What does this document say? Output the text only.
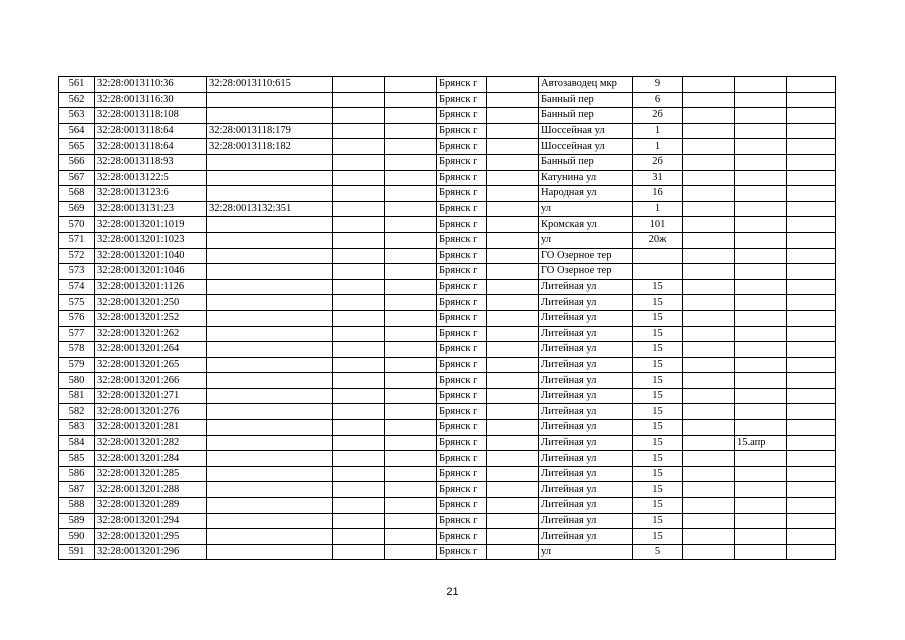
561	32:28:0013110:36	32:28:0013110:615			Брянск г		Автозаводец мкр	9			
562	32:28:0013116:30				Брянск г		Банный пер	6			
563	32:28:0013118:108				Брянск г		Банный пер	2б			
564	32:28:0013118:64	32:28:0013118:179			Брянск г		Шоссейная ул	1			
565	32:28:0013118:64	32:28:0013118:182			Брянск г		Шоссейная ул	1			
566	32:28:0013118:93				Брянск г		Банный пер	2б			
567	32:28:0013122:5				Брянск г		Катунина ул	31			
568	32:28:0013123:6				Брянск г		Народная ул	16			
569	32:28:0013131:23	32:28:0013132:351			Брянск г		ул	1			
570	32:28:0013201:1019				Брянск г		Кромская ул	101			
571	32:28:0013201:1023				Брянск г		ул	20ж			
572	32:28:0013201:1040				Брянск г		ГО Озерное тер				
573	32:28:0013201:1046				Брянск г		ГО Озерное тер				
574	32:28:0013201:1126				Брянск г		Литейная ул	15			
575	32:28:0013201:250				Брянск г		Литейная ул	15			
576	32:28:0013201:252				Брянск г		Литейная ул	15			
577	32:28:0013201:262				Брянск г		Литейная ул	15			
578	32:28:0013201:264				Брянск г		Литейная ул	15			
579	32:28:0013201:265				Брянск г		Литейная ул	15			
580	32:28:0013201:266				Брянск г		Литейная ул	15			
581	32:28:0013201:271				Брянск г		Литейная ул	15			
582	32:28:0013201:276				Брянск г		Литейная ул	15			
583	32:28:0013201:281				Брянск г		Литейная ул	15			
584	32:28:0013201:282				Брянск г		Литейная ул	15		15.апр	
585	32:28:0013201:284				Брянск г		Литейная ул	15			
586	32:28:0013201:285				Брянск г		Литейная ул	15			
587	32:28:0013201:288				Брянск г		Литейная ул	15			
588	32:28:0013201:289				Брянск г		Литейная ул	15			
589	32:28:0013201:294				Брянск г		Литейная ул	15			
590	32:28:0013201:295				Брянск г		Литейная ул	15			
591	32:28:0013201:296				Брянск г		ул	5			
21
